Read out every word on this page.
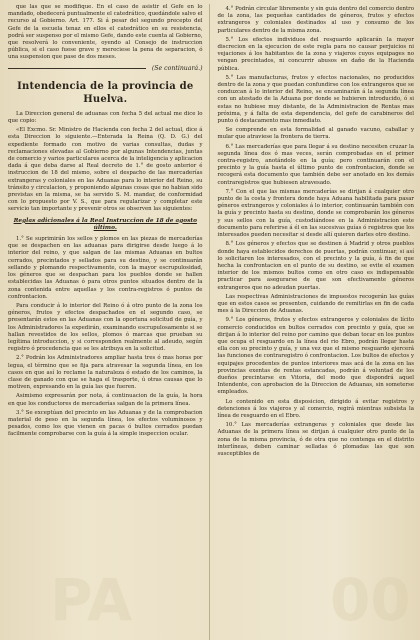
PA	00

que las que se modifique. En el caso de asistir el Gefe en lo mandado, obedecerá puntualmente el catedrático, quedándole salvo el recurso al Gobierno. Art. 177. Si á pesar del segundo precepto del Gefe de la escuela tenaz en ellos el catedrático en su resistencia, podrá ser suspenso por el mismo Gefe, dando este cuenta al Gobierno, que resolverá lo conveniente, oyendo al Consejo de instruccion pública, si el caso fuese grave y mereciese la pena de separacion, ó una suspension que pase de dos meses.

(Se continuará.)
Intendencia de la provincia de Huelva.

La Direccion general de aduanas con fecha 5 del actual me dice lo que copio:

«El Excmo. Sr. Ministro de Hacienda con fecha 2 del actual, dice á esta Direccion lo siguiente.—Enterada la Reina (Q. D. G.) del expediente formado con motivo de varias consultas, dudas y reclamaciones elevadas al Gobierno por algunas Intendencias, juntas de comercio y varios particulares acerca de la inteligencia y aplicacion dada á que deba darse al Real decreto de 1.° de gosto anterior é instruccion de 18 del mismo, sobre el despacho de las mercaderías extrangeras y coloniales en las Aduanas para lo interior del Reino, su tránsito y circulacion, y proponiendo algunas cosas que no habian sido previstas en la misma, se ha servido S. M. mandar, de conformidad con lo propuesto por V. S., que para regularizar y completar este servicio tan importante y prevenir otros se observen las siguientes:

Reglas adicionales á la Real Instruccion de 18 de agosto último.

1.° Se suprimirán los sellos y plomos en las piezas de mercaderías que se despachen en las aduanas para dirigirse desde luego á lo interior del reino, y que salgan de las mismas Aduanas en bultos cerrados, precintados y sellados para su destino, y se continuarán sellando y plomando respectivamente, con la mayor escrupulosidad, los géneros que se despachan para los pueblos donde se hallen establecidas las Aduanas ó para otros puntos situados dentro de la zona contenida entre aquellas y los contra-registros ó puntos de confrontacion.

Para conducir á lo interior del Reino ó á otro punto de la zona los géneros, frutos y efectos despachados en el segundo caso, se presentarán estos en las Aduanas con la oportuna solicitud de guía, y los Administradores la expedirán, examinando escrupulosamente si se hallan revestidos de los sellos, plomos ó marcas que prueban su legítima introduccion, y si corresponden realmente al adeudo, según registro ó procedencia que se les atribuya en la solicitud.

2.° Podrán los Administradores ampliar hasta tres ó mas horas por legua, el término que se fija para atravesar la segunda línea, en los casos en que así lo reclame la naturaleza ó estado de los caminos, la clase de ganado con que se haga el trasporte, ú otras causas que lo motiven, expresando en la guía las que fueren.

Asimismo expresarán por nota, á continuacion de la guía, la hora en que los conductores de mercaderías salgan de la primera línea.

3.° Se exceptúan del precinto en las Aduanas y de la comprobacion material de peso en la segunda línea, los efectos voluminosos y pesados, como los que vienen en pacas ó bultos cerrados puedan facilmente comprobarse con la guía á la simple inspeccion ocular.

4.° Podrán circular libremente y sin guia dentro del comercio dentro de la zona, las pequeñas cantidades de géneros, frutos y efectos extrangeros y coloniales destinados al uso y consumo de los particulares dentro de la misma zona.

5.° Los efectos individuos del resguardo aplicarán la mayor discrecion en la ejecucion de este regla para no causar perjuicios ni vejaciones á los habitantes de la zona y viajeros cuyos equipages no vengan precintados, ni concurrir abusos en daño de la Hacienda pública.

5.° Las manufacturas, frutos y efectos nacionales, no producidos dentro de la zona y que puedan confundirse con los extrangeros que se conduzcan á lo interior del Reino, se encaminarán á la segunda línea con un atestado de la Aduana por donde se hubieren introducido, ó si estas no hubiese muy distante, de la Administracion de Rentas mas próxima, y á falta de esta dependencia, del gefe de carabineros del punto ó destacamento mas inmediato.

Se comprende en esta formalidad al ganado vacuno, caballar y mular que atraviese la frontera de tierra.

6.° Las mercaderías que para llegar á su destino necesiten cruzar la segunda línea dos ó mas veces, serán comprobadas en el primer contra-registro, anotándolo en la guía; pero continuarán con el precinto y la guía hasta el último punto de confrontacion, donde se recogerá esta documento que también debe ser anotado en los demás contraregistros que hubiesen atravesado.

7.° Con el que las mismas mercaderías se dirijan á cualquier otro punto de la costa y frontera donde haya Aduana habilitada para pasar géneros extrangeros y coloniales á lo interior, continuarán también con la guía y precinto hasta su destino, donde se comprobarán los géneros y sus sellos con la guía, custodiándose en la Administracion este documento para referirse á él en las sucesivas guías ó registros que los interesados pueden necesitar si desde allí quieren darles otro destino.

8.° Los géneros y efectos que se destinen á Madrid y otros pueblos donde haya establecidos derechos de puertas, podrán continuar, si así lo solicitaren los interesados, con el precinto y la guía, á fin de que hecha la confrontacion en el punto de su destino, se evite el examen interior de los mismos bultos como en otro caso es indispensable practicar para asegurarse de que son efectivamente géneros extrangeros que no adeudan puertas.

Las respectivas Administraciones de impuestos recogerán las guías que en estos casos se presenten, cuidando de remitirlas en fin de cada mes á la Direccion de Aduanas.

9.° Los géneros, frutos y efectos extrangeros y coloniales de lícito comercio conducidos en bultos cerrados con precinto y guía, que se dirijan á lo interior del reino por camino que deban tocar en los puntos que ocupa el resguardo en la línea del rio Ebro, podrán llegar hasta ella con su precinto y guía, y una vez que el mismo resguardo ejercerá las funciones de contraregistro ó confrontacion. Los bultos de efectos y equipajes procedentes de puntos interiores mas acá de la zona en las provincias exentas de rentas estancadas, podrán á voluntad de los dueños precintarse en Vitoria, del modo que dispondrá aquel Intendente, con aprobacion de la Direccion de Aduanas, sin someterse empleados.

Lo contenido en esta disposicion, dirigido á evitar registros y detenciones á los viajeros y al comercio, regirá mientras subsista la línea de resguardo en el Ebro.

10.° Las mercaderías extrangeras y coloniales que desde las Aduanas de la primera línea se dirijan á cualquier otro punto de la zona de la misma provincia, ó de otra que no contenga en el distrito interlíneas, deben caminar selladas ó plomadas las que son susceptibles de
